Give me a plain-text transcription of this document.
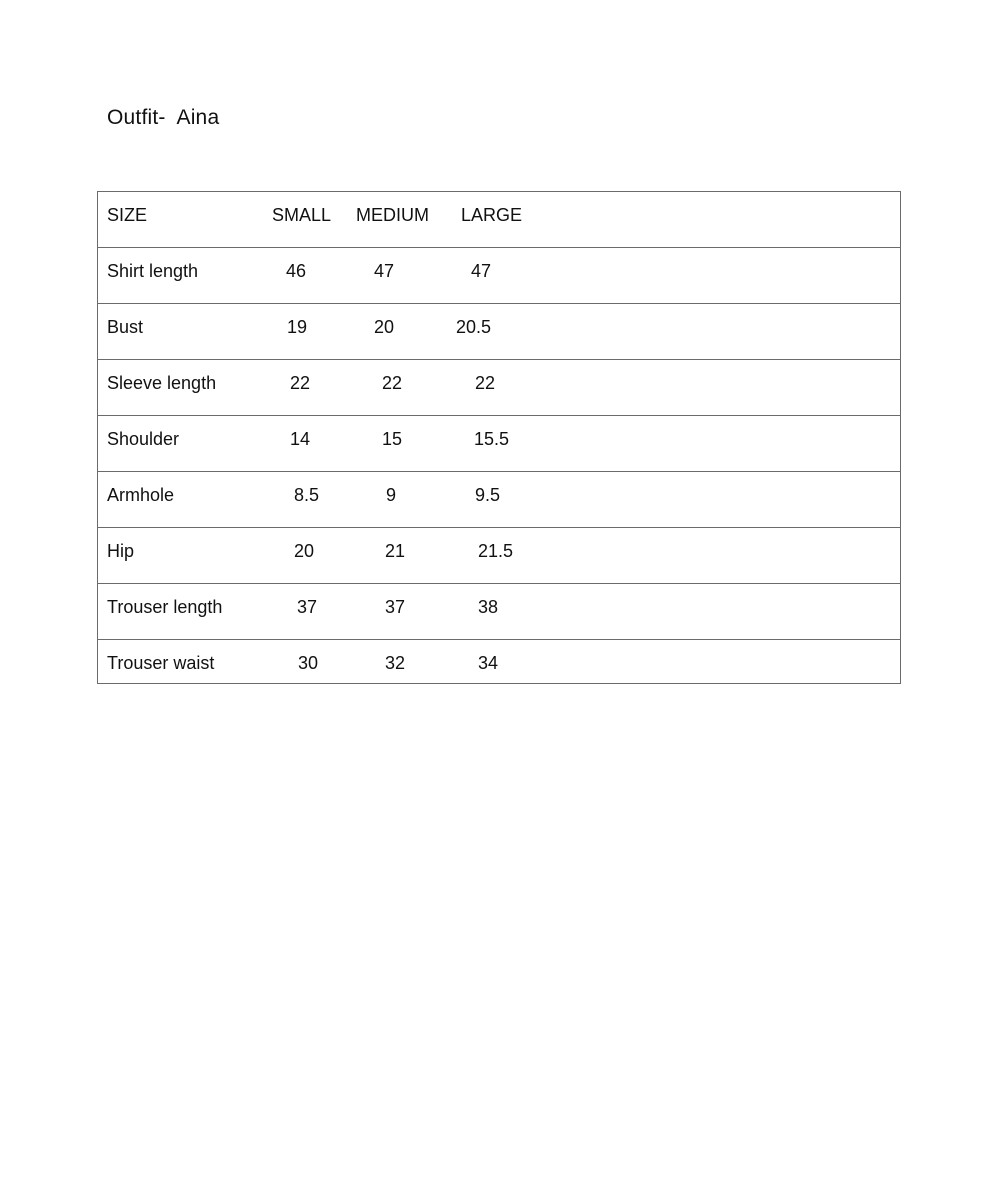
Outfit-  Aina
SIZE	SMALL MEDIUM LARGE
Shirt length	46	47	47
Bust	19	20	20.5
Sleeve length	22	22	22
Shoulder	14	15	15.5
Armhole	8.5	9	9.5
Hip	20	21	21.5
Trouser length	37	37	38
Trouser waist	30	32	34
